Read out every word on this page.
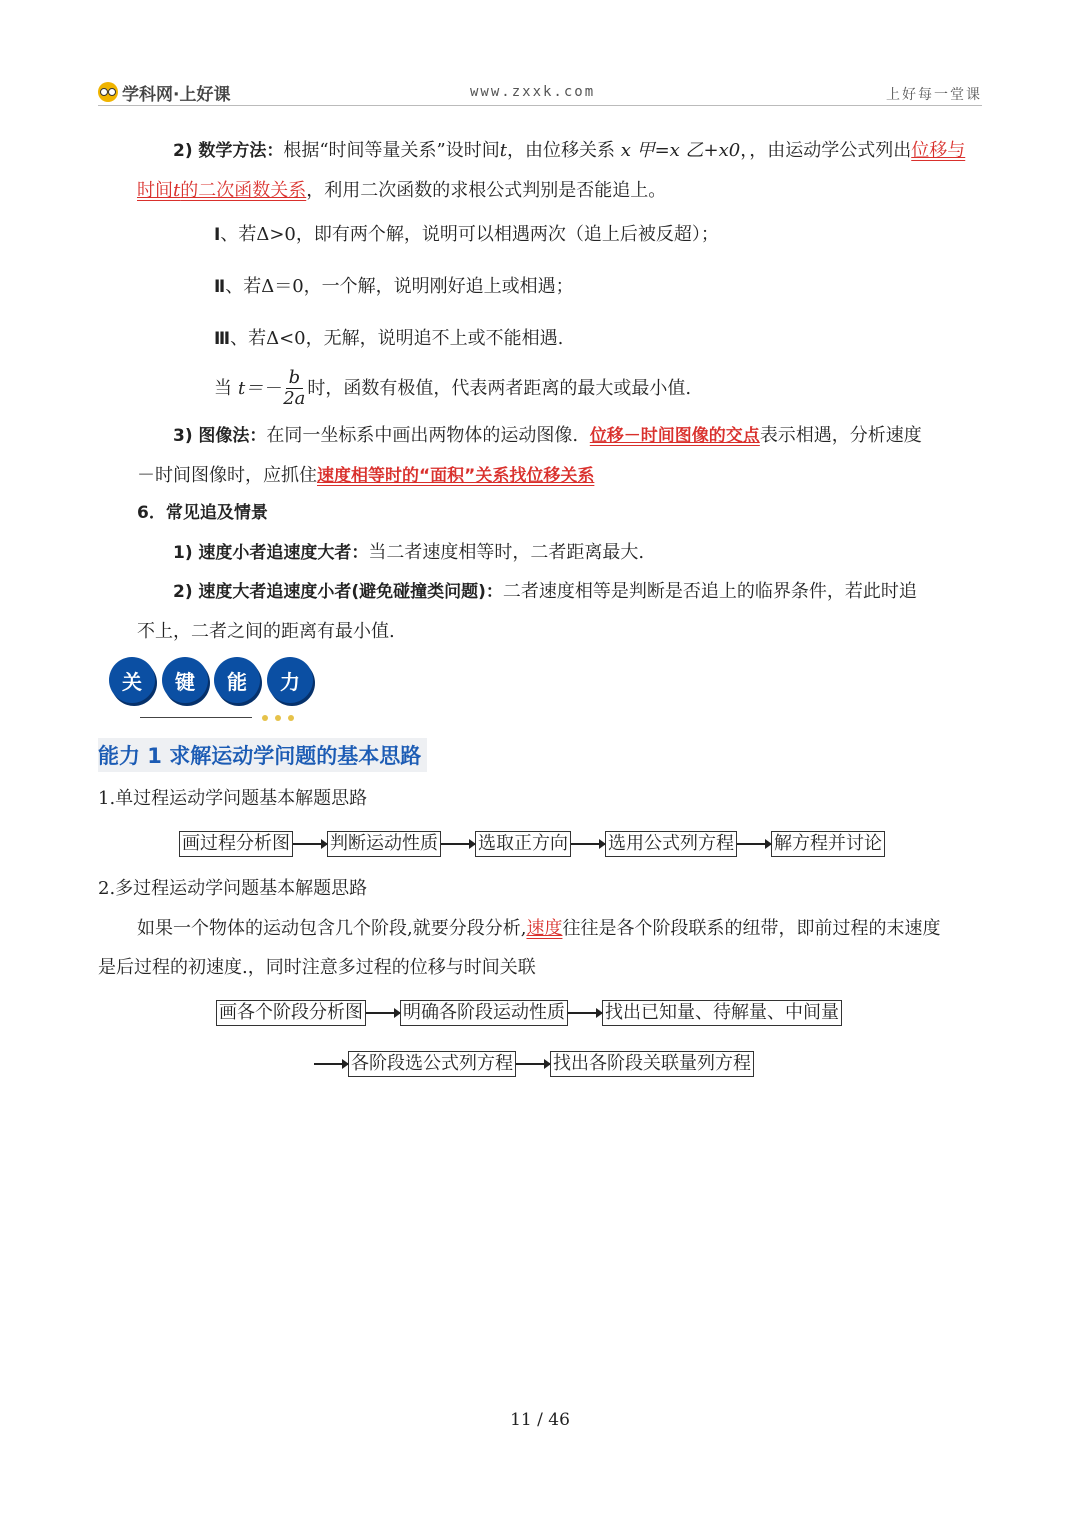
学科网·上好课	www.zxxk.com	上好每一堂课
2) 数学方法：根据“时间等量关系”设时间t，由位移关系 x 甲=x 乙+x0，，由运动学公式列出位移与
时间t的二次函数关系，利用二次函数的求根公式判别是否能追上。
Ⅰ、若Δ>0，即有两个解，说明可以相遇两次（追上后被反超）；
Ⅱ、若Δ＝0，一个解，说明刚好追上或相遇；
Ⅲ、若Δ<0，无解，说明追不上或不能相遇.
当 $t=- \frac{b}{2a}$ 时，函数有极值，代表两者距离的最大或最小值.
3) 图像法：在同一坐标系中画出两物体的运动图像. 位移－时间图像的交点表示相遇，分析速度
－时间图像时，应抓住速度相等时的“面积”关系找位移关系
6．常见追及情景
1) 速度小者追速度大者：当二者速度相等时，二者距离最大.
2) 速度大者追速度小者(避免碰撞类问题)：二者速度相等是判断是否追上的临界条件，若此时追
不上，二者之间的距离有最小值.
关	键	能	力
能力 1 求解运动学问题的基本思路
1.单过程运动学问题基本解题思路
画过程分析图 判断运动性质 选取正方向 选用公式列方程 解方程并讨论
2.多过程运动学问题基本解题思路
如果一个物体的运动包含几个阶段,就要分段分析,速度往往是各个阶段联系的纽带，即前过程的末速度
是后过程的初速度.，同时注意多过程的位移与时间关联
画各个阶段分析图 明确各阶段运动性质 找出已知量、待解量、中间量
各阶段选公式列方程 找出各阶段关联量列方程
11 / 46
